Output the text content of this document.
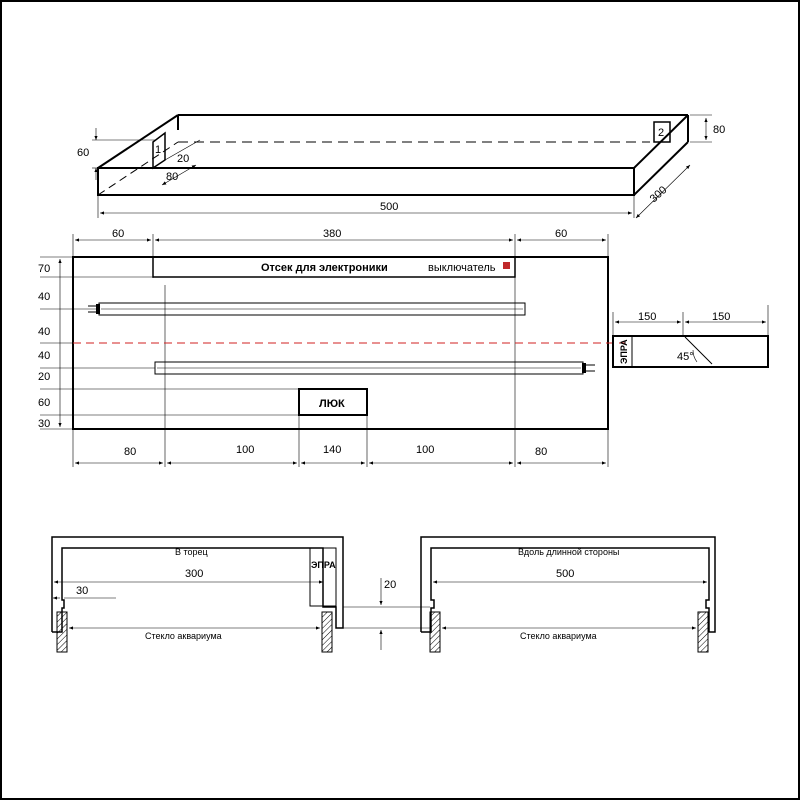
1
2
20
80
60
80
500
300
Отсек для электроники	выключатель
60	380	60
ЛЮК
70
40
40
40
20
60
30
80	100	140	100	80
ЭПРА	45°
150	150
ЭПРА
В торец
300
30
Стекло аквариума
20
Вдоль длинной стороны
500
Стекло аквариума
